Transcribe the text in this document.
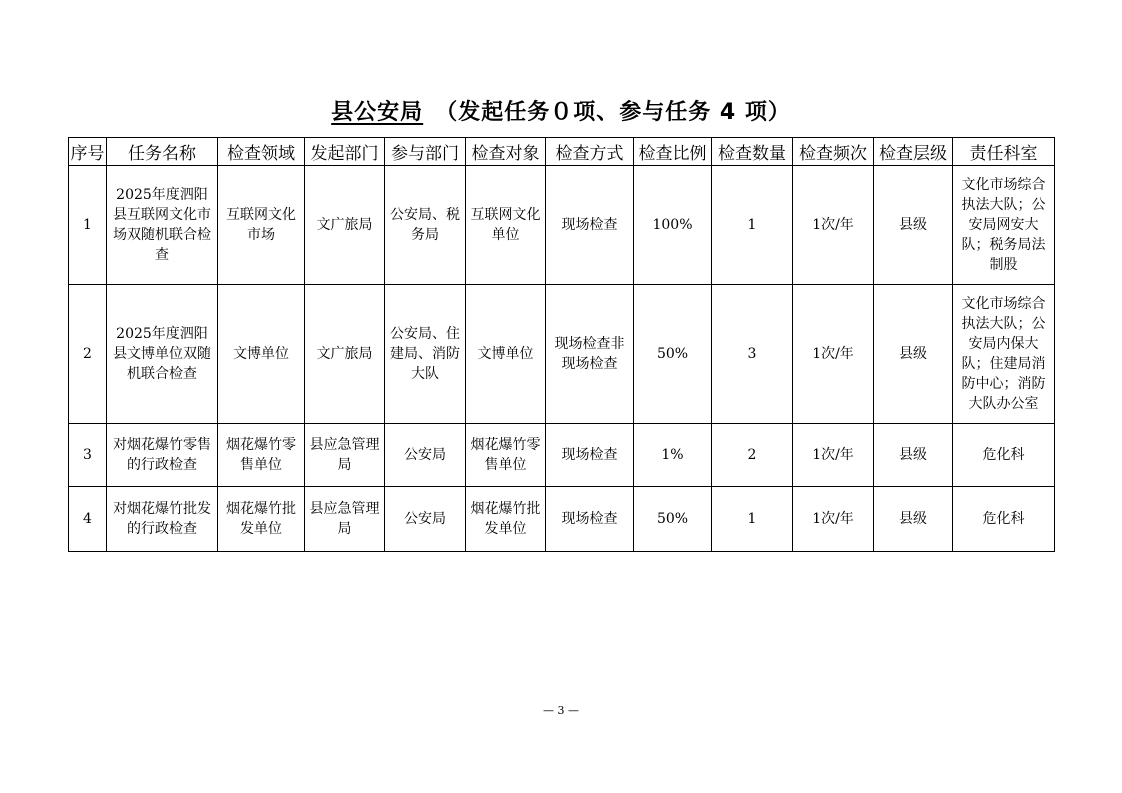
县公安局 （发起任务０项、参与任务 4 项）
序号	任务名称	检查领域	发起部门	参与部门	检查对象	检查方式	检查比例	检查数量	检查频次	检查层级	责任科室
1	2025年度泗阳县互联网文化市场双随机联合检查	互联网文化市场	文广旅局	公安局、税务局	互联网文化单位	现场检查	100%	1	1次/年	县级	文化市场综合执法大队；公安局网安大队；税务局法制股
2	2025年度泗阳县文博单位双随机联合检查	文博单位	文广旅局	公安局、住建局、消防大队	文博单位	现场检查非现场检查	50%	3	1次/年	县级	文化市场综合执法大队；公安局内保大队；住建局消防中心；消防大队办公室
3	对烟花爆竹零售的行政检查	烟花爆竹零售单位	县应急管理局	公安局	烟花爆竹零售单位	现场检查	1%	2	1次/年	县级	危化科
4	对烟花爆竹批发的行政检查	烟花爆竹批发单位	县应急管理局	公安局	烟花爆竹批发单位	现场检查	50%	1	1次/年	县级	危化科
— 3 —
